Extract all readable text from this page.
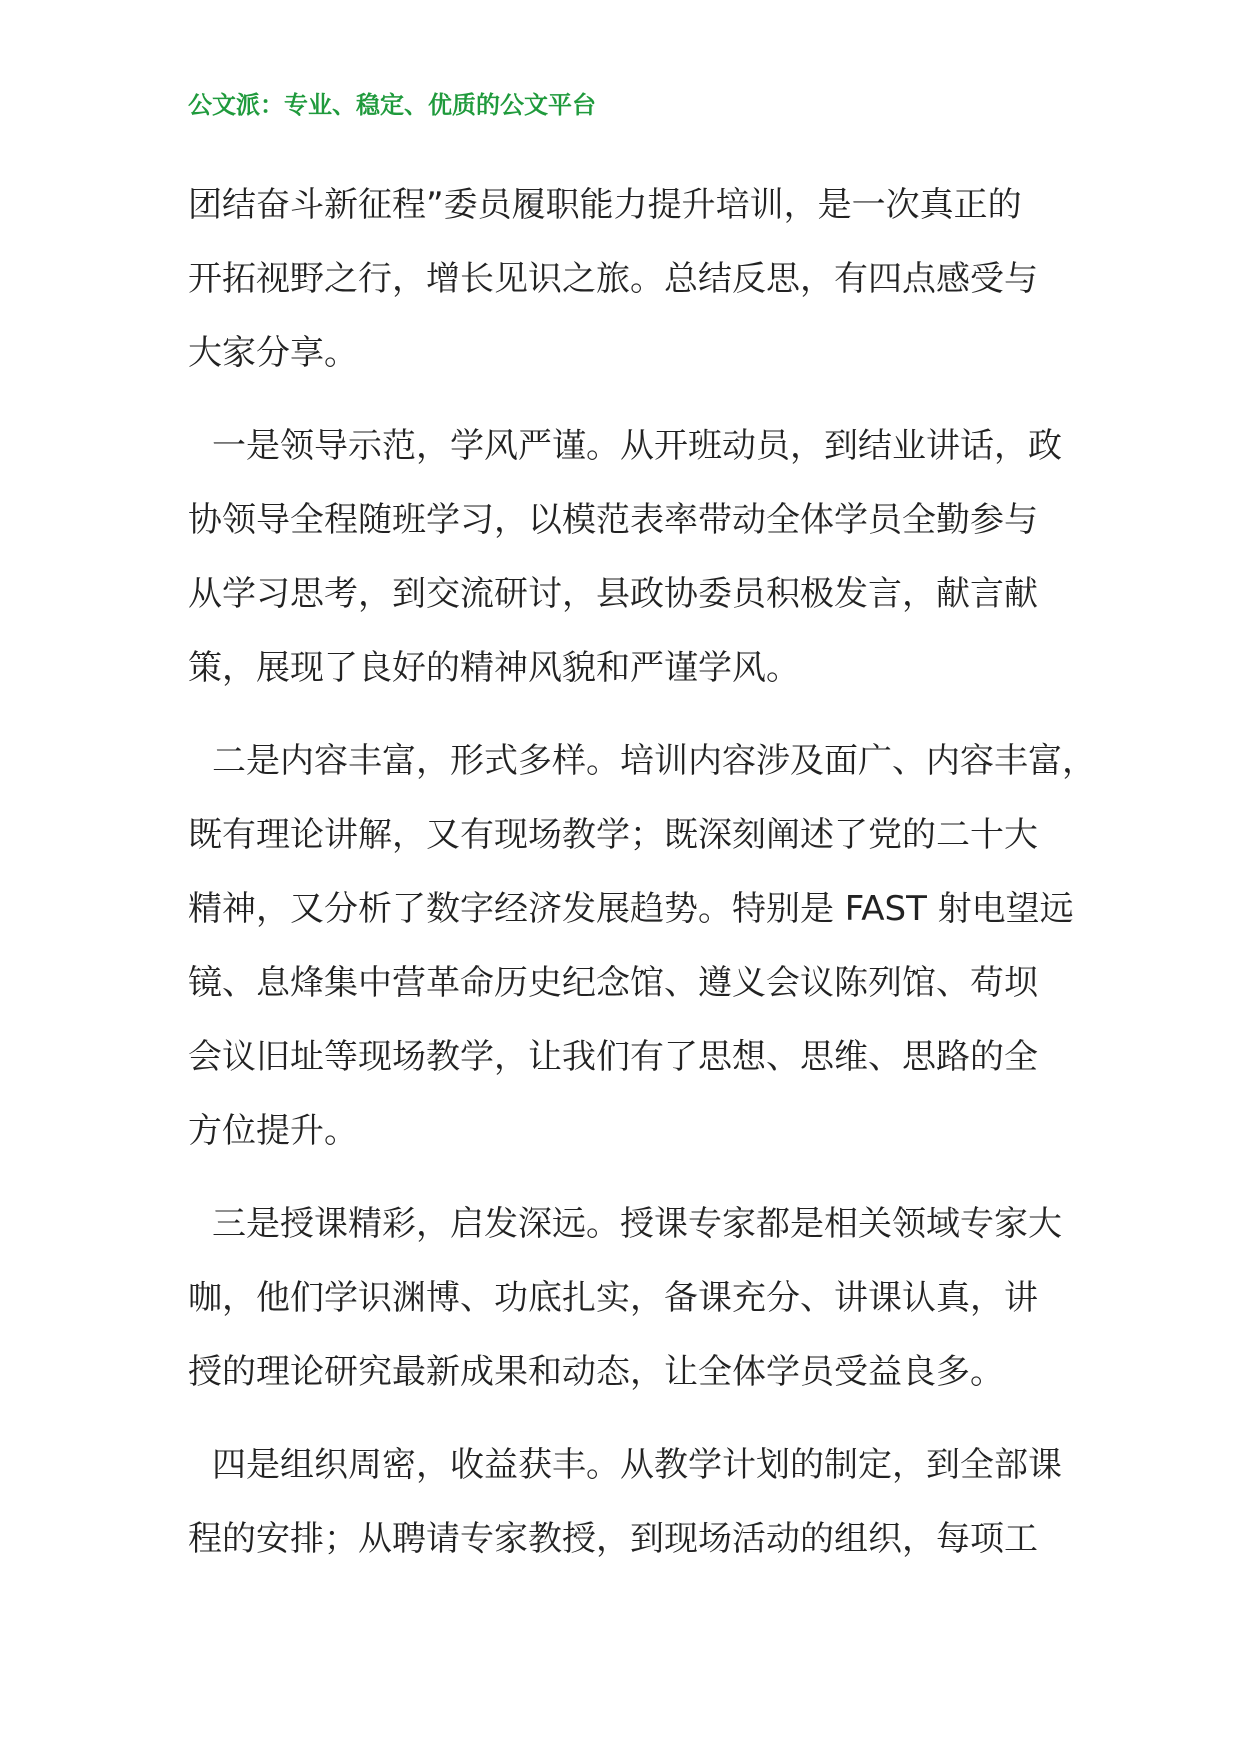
公文派：专业、稳定、优质的公文平台
团结奋斗新征程”委员履职能力提升培训，是一次真正的
开拓视野之行，增长见识之旅。总结反思，有四点感受与
大家分享。
一是领导示范，学风严谨。从开班动员，到结业讲话，政
协领导全程随班学习，以模范表率带动全体学员全勤参与
从学习思考，到交流研讨，县政协委员积极发言，献言献
策，展现了良好的精神风貌和严谨学风。
二是内容丰富，形式多样。培训内容涉及面广、内容丰富，
既有理论讲解，又有现场教学；既深刻阐述了党的二十大
精神，又分析了数字经济发展趋势。特别是 FAST 射电望远
镜、息烽集中营革命历史纪念馆、遵义会议陈列馆、苟坝
会议旧址等现场教学，让我们有了思想、思维、思路的全
方位提升。
三是授课精彩，启发深远。授课专家都是相关领域专家大
咖，他们学识渊博、功底扎实，备课充分、讲课认真，讲
授的理论研究最新成果和动态，让全体学员受益良多。
四是组织周密，收益获丰。从教学计划的制定，到全部课
程的安排；从聘请专家教授，到现场活动的组织，每项工
